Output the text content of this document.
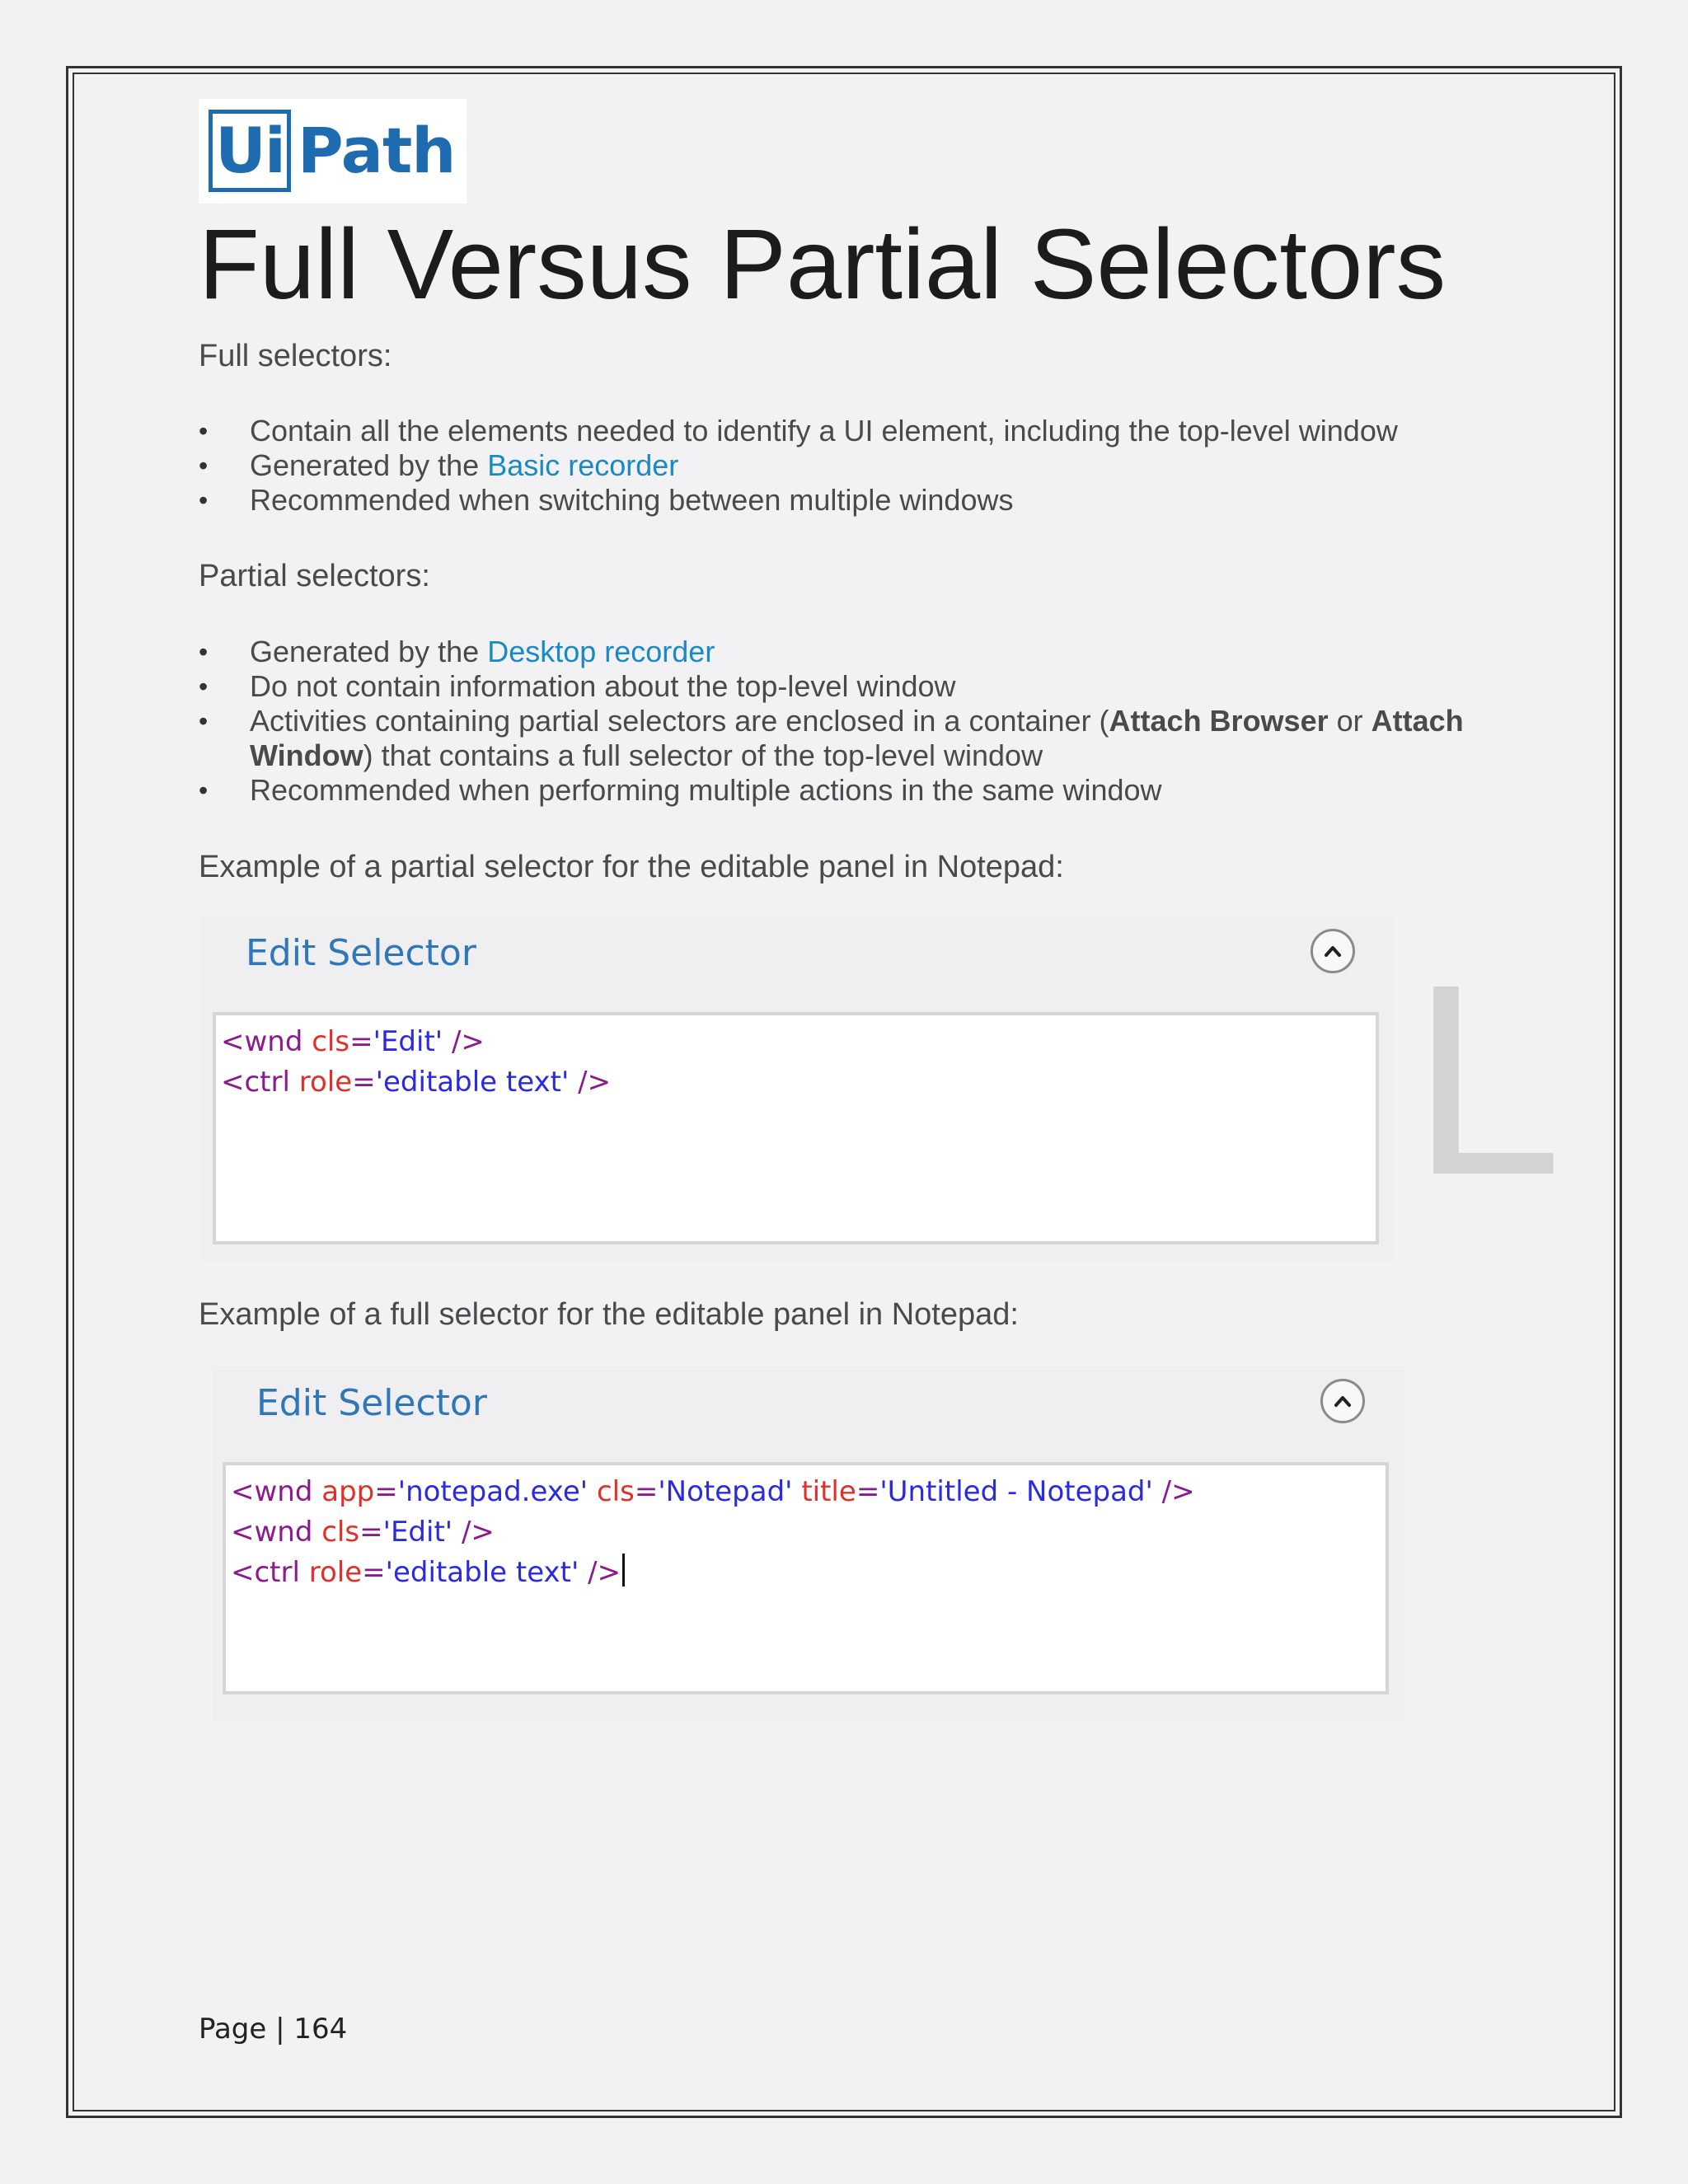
Ui Path
Full Versus Partial Selectors

Full selectors:

• Contain all the elements needed to identify a UI element, including the top-level window
• Generated by the Basic recorder
• Recommended when switching between multiple windows

Partial selectors:

• Generated by the Desktop recorder
• Do not contain information about the top-level window
• Activities containing partial selectors are enclosed in a container (Attach Browser or Attach Window) that contains a full selector of the top-level window
• Recommended when performing multiple actions in the same window

Example of a partial selector for the editable panel in Notepad:

L
Edit Selector
<wnd cls='Edit' />
<ctrl role='editable text' />

Example of a full selector for the editable panel in Notepad:

Edit Selector
<wnd app='notepad.exe' cls='Notepad' title='Untitled - Notepad' />
<wnd cls='Edit' />
<ctrl role='editable text' />
Page | 164
